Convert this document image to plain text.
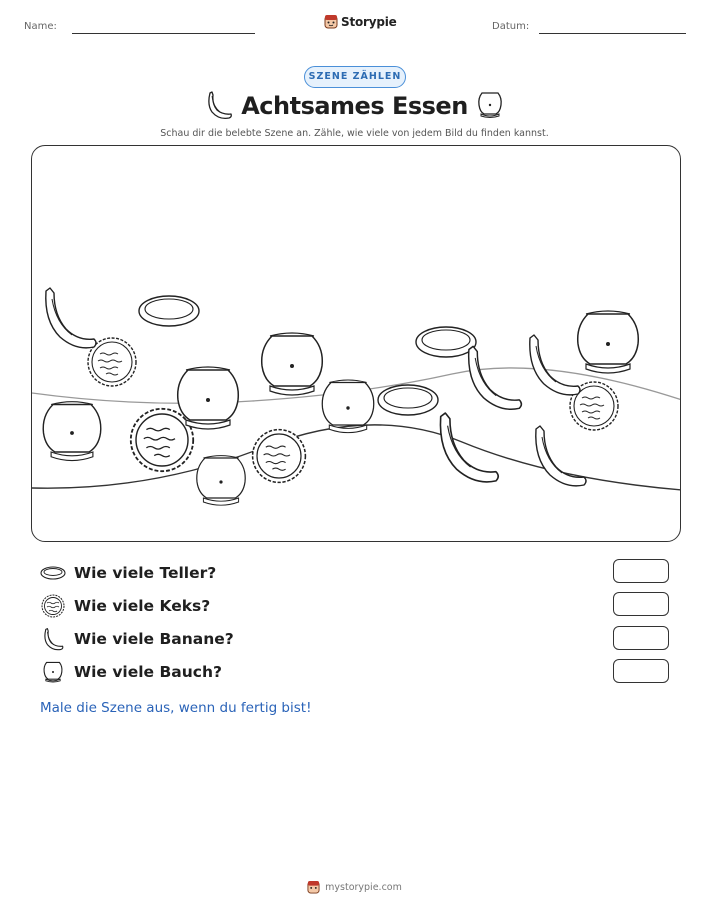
Name:	Storypie	Datum:
SZENE ZÄHLEN
Achtsames Essen
Schau dir die belebte Szene an. Zähle, wie viele von jedem Bild du finden kannst.
Wie viele Teller?
Wie viele Keks?
Wie viele Banane?
Wie viele Bauch?
Male die Szene aus, wenn du fertig bist!
mystorypie.com
